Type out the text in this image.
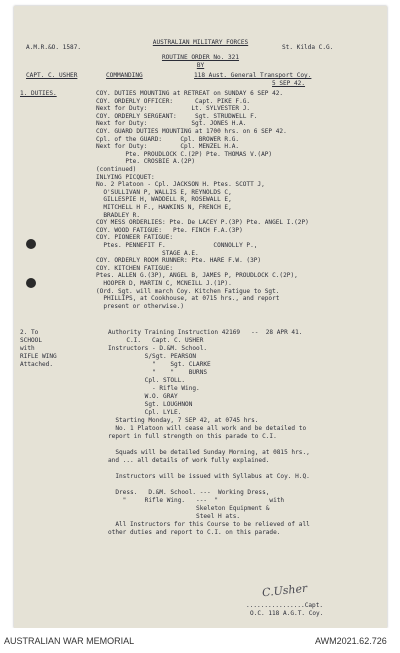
A.M.R.&O. 1587.

AUSTRALIAN MILITARY FORCES

St. Kilda C.G.

ROUTINE ORDER No. 321

BY

CAPT. C. USHER	COMMANDING	118 Aust. General Transport Coy.

5 SEP 42.

1. DUTIES.	COY. DUTIES MOUNTING at RETREAT on SUNDAY 6 SEP 42.

COY. ORDERLY OFFICER:      Capt. PIKE F.G.

Next for Duty:            Lt. SYLVESTER J.

COY. ORDERLY SERGEANT:     Sgt. STRUDWELL F.

Next for Duty:            Sgt. JONES H.A.

COY. GUARD DUTIES MOUNTING at 1700 hrs. on 6 SEP 42.

Cpl. of the GUARD:     Cpl. BROWER R.G.

Next for Duty:         Cpl. MENZEL H.A.

Pte. PROUDLOCK C.(2P) Pte. THOMAS V.(AP)

Pte. CROSBIE A.(2P)

(continued)

INLYING PICQUET:

No. 2 Platoon - Cpl. JACKSON H. Ptes. SCOTT J,

O'SULLIVAN P, WALLIS E, REYNOLDS C,

GILLESPIE H, WADDELL R, ROSEWALL E,

MITCHELL H F., HAWKINS N, FRENCH E,

BRADLEY R.

COY MESS ORDERLIES: Pte. De LACEY P.(3P) Pte. ANGEL I.(2P)

COY. WOOD FATIGUE:   Pte. FINCH F.A.(3P)

COY. PIONEER FATIGUE:

Ptes. PENNEFIT F.             CONNOLLY P.,

STAGE A.E.

COY. ORDERLY ROOM RUNNER: Pte. HARE F.W. (3P)

COY. KITCHEN FATIGUE:

Ptes. ALLEN G.(3P), ANGEL B, JAMES P, PROUDLOCK C.(2P),

HOOPER D, MARTIN C, MCNEILL J.(1P).

(Ord. Sgt. will march Coy. Kitchen Fatigue to Sgt.

PHILLIPS, at Cookhouse, at 0715 hrs., and report

present or otherwise.)

2. To

SCHOOL

with

RIFLE WING

Attached.

Authority Training Instruction 42169   --  28 APR 41.

C.I.   Capt. C. USHER

Instructors - D.&M. School.

S/Sgt. PEARSON

"    Sgt. CLARKE

"    "    BURNS

Cpl. STOLL.

- Rifle Wing.

W.O. GRAY

Sgt. LOUGHNON

Cpl. LYLE.

Starting Monday, 7 SEP 42, at 0745 hrs.

No. 1 Platoon will cease all work and be detailed to

report in full strength on this parade to C.I.

Squads will be detailed Sunday Morning, at 0815 hrs.,

and ... all details of work fully explained.

Instructors will be issued with Syllabus at Coy. H.Q.

Dress.   D.&M. School. ---  Working Dress,

"     Rifle Wing.   ---  "              with

Skeleton Equipment &

Steel H ats.

All Instructors for this Course to be relieved of all

other duties and report to C.I. on this parade.

C.Usher

................Capt.

O.C. 118 A.G.T. Coy.

AUSTRALIAN WAR MEMORIAL	AWM2021.62.726
